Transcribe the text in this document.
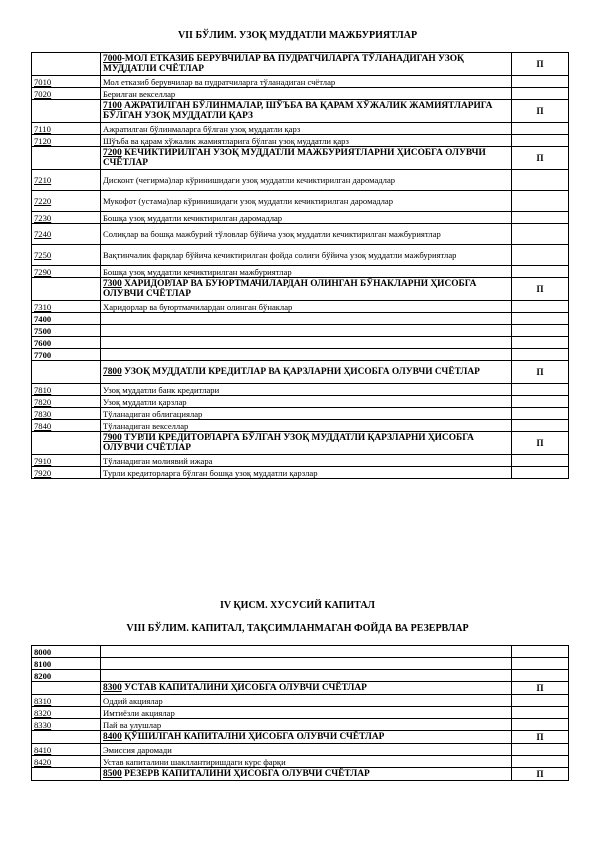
VII БЎЛИМ. УЗОҚ МУДДАТЛИ МАЖБУРИЯТЛАР
	7000-МОЛ ЕТКАЗИБ БЕРУВЧИЛАР ВА ПУДРАТЧИЛАРГА ТЎЛАНАДИГАН УЗОҚ МУДДАТЛИ СЧЁТЛАР	П
7010	Мол етказиб берувчилар ва пудратчиларга тўланадиган счётлар	
7020	Берилган векселлар	
	7100 АЖРАТИЛГАН БЎЛИНМАЛАР, ШЎЪБА ВА ҚАРАМ ХЎЖАЛИК ЖАМИЯТЛАРИГА БЎЛГАН УЗОҚ МУДДАТЛИ ҚАРЗ	П
7110	Ажратилган бўлинмаларга бўлган узоқ муддатли қарз	
7120	Шўъба ва қарам хўжалик жамиятларига бўлган узоқ муддатли қарз	
	7200 КЕЧИКТИРИЛГАН УЗОҚ МУДДАТЛИ МАЖБУРИЯТЛАРНИ ҲИСОБГА ОЛУВЧИ СЧЁТЛАР	П
7210	Дисконт (чегирма)лар кўринишидаги узоқ муддатли кечиктирилган даромадлар	
7220	Мукофот (устама)лар кўринишидаги узоқ муддатли кечиктирилган даромадлар	
7230	Бошқа узоқ муддатли кечиктирилган даромадлар	
7240	Солиқлар ва бошқа мажбурий тўловлар бўйича узоқ муддатли кечиктирилган мажбуриятлар	
7250	Вақтинчалик фарқлар бўйича кечиктирилган фойда солиғи бўйича узоқ муддатли мажбуриятлар	
7290	Бошқа узоқ муддатли кечиктирилган мажбуриятлар	
	7300 ХАРИДОРЛАР ВА БУЮРТМАЧИЛАРДАН ОЛИНГАН БЎНАКЛАРНИ ҲИСОБГА ОЛУВЧИ СЧЁТЛАР	П
7310	Харидорлар ва буюртмачилардан олинган бўнаклар	
7400		
7500		
7600		
7700		
	7800 УЗОҚ МУДДАТЛИ КРЕДИТЛАР ВА ҚАРЗЛАРНИ ҲИСОБГА ОЛУВЧИ СЧЁТЛАР	П
7810	Узоқ муддатли банк кредитлари	
7820	Узоқ муддатли қарзлар	
7830	Тўланадиган облигациялар	
7840	Тўланадиган векселлар	
	7900 ТУРЛИ КРЕДИТОРЛАРГА БЎЛГАН УЗОҚ МУДДАТЛИ ҚАРЗЛАРНИ ҲИСОБГА ОЛУВЧИ СЧЁТЛАР	П
7910	Тўланадиган молиявий ижара	
7920	Турли кредиторларга бўлган бошқа узоқ муддатли қарзлар	
IV ҚИСМ. ХУСУСИЙ КАПИТАЛ
VIII БЎЛИМ. КАПИТАЛ, ТАҚСИМЛАНМАГАН ФОЙДА ВА РЕЗЕРВЛАР
8000		
8100		
8200		
	8300 УСТАВ КАПИТАЛИНИ ҲИСОБГА ОЛУВЧИ СЧЁТЛАР	П
8310	Оддий акциялар	
8320	Имтиёзли акциялар	
8330	Пай ва улушлар	
	8400 ҚЎШИЛГАН КАПИТАЛНИ ҲИСОБГА ОЛУВЧИ СЧЁТЛАР	П
8410	Эмиссия даромади	
8420	Устав капиталини шакллантиришдаги курс фарқи	
	8500 РЕЗЕРВ КАПИТАЛИНИ ҲИСОБГА ОЛУВЧИ СЧЁТЛАР	П
